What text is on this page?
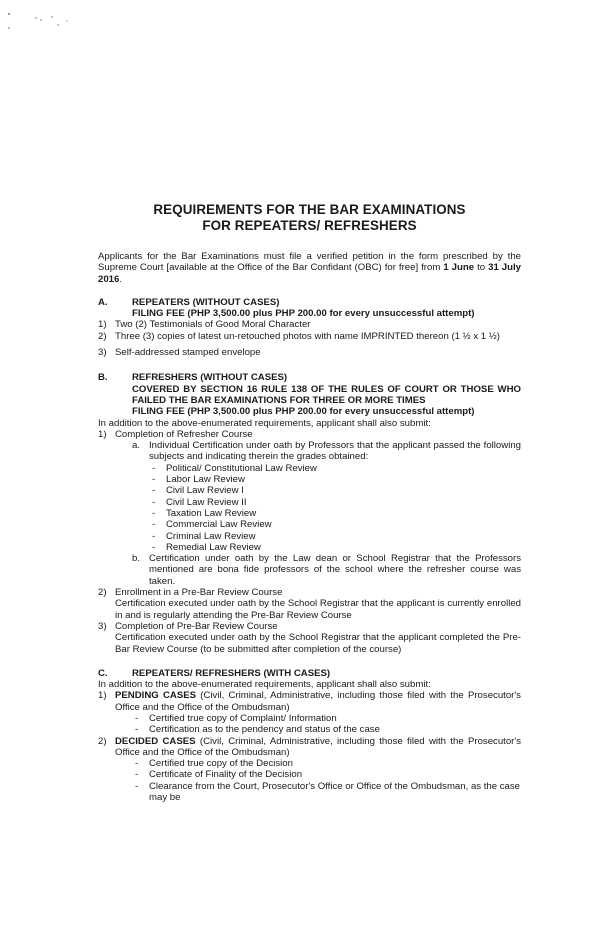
REQUIREMENTS FOR THE BAR EXAMINATIONS
FOR REPEATERS/ REFRESHERS
Applicants for the Bar Examinations must file a verified petition in the form prescribed by the Supreme Court [available at the Office of the Bar Confidant (OBC) for free] from 1 June to 31 July 2016.
A.	REPEATERS (WITHOUT CASES)
FILING FEE (PHP 3,500.00 plus PHP 200.00 for every unsuccessful attempt)
1) Two (2) Testimonials of Good Moral Character
2) Three (3) copies of latest un-retouched photos with name IMPRINTED thereon (1 ½ x 1 ½)
3) Self-addressed stamped envelope
B.	REFRESHERS (WITHOUT CASES)
COVERED BY SECTION 16 RULE 138 OF THE RULES OF COURT OR THOSE WHO FAILED THE BAR EXAMINATIONS FOR THREE OR MORE TIMES
FILING FEE (PHP 3,500.00 plus PHP 200.00 for every unsuccessful attempt)
In addition to the above-enumerated requirements, applicant shall also submit:
1) Completion of Refresher Course
a. Individual Certification under oath by Professors that the applicant passed the following subjects and indicating therein the grades obtained:
- Political/ Constitutional Law Review
- Labor Law Review
- Civil Law Review I
- Civil Law Review II
- Taxation Law Review
- Commercial Law Review
- Criminal Law Review
- Remedial Law Review
b. Certification under oath by the Law dean or School Registrar that the Professors mentioned are bona fide professors of the school where the refresher course was taken.
2) Enrollment in a Pre-Bar Review Course
Certification executed under oath by the School Registrar that the applicant is currently enrolled in and is regularly attending the Pre-Bar Review Course
3) Completion of Pre-Bar Review Course
Certification executed under oath by the School Registrar that the applicant completed the Pre-Bar Review Course (to be submitted after completion of the course)
C.	REPEATERS/ REFRESHERS (WITH CASES)
In addition to the above-enumerated requirements, applicant shall also submit:
1) PENDING CASES (Civil, Criminal, Administrative, including those filed with the Prosecutor's Office and the Office of the Ombudsman)
- Certified true copy of Complaint/ Information
- Certification as to the pendency and status of the case
2) DECIDED CASES (Civil, Criminal, Administrative, including those filed with the Prosecutor's Office and the Office of the Ombudsman)
- Certified true copy of the Decision
- Certificate of Finality of the Decision
- Clearance from the Court, Prosecutor's Office or Office of the Ombudsman, as the case may be
